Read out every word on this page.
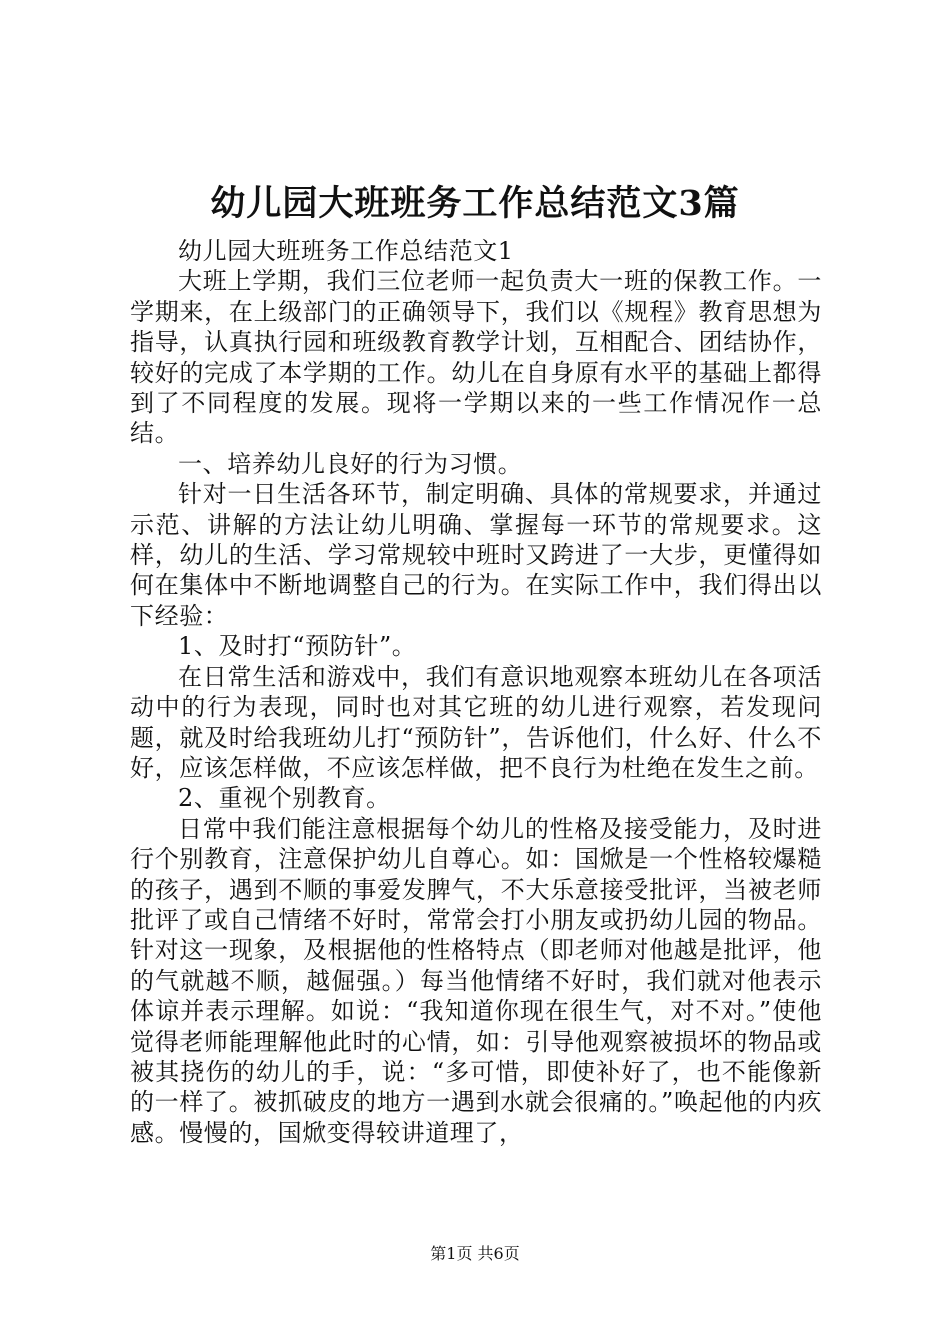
幼儿园大班班务工作总结范文3篇

幼儿园大班班务工作总结范文1

大班上学期，我们三位老师一起负责大一班的保教工作。一学期来，在上级部门的正确领导下，我们以《规程》教育思想为指导，认真执行园和班级教育教学计划，互相配合、团结协作，较好的完成了本学期的工作。幼儿在自身原有水平的基础上都得到了不同程度的发展。现将一学期以来的一些工作情况作一总结。

一、培养幼儿良好的行为习惯。

针对一日生活各环节，制定明确、具体的常规要求，并通过示范、讲解的方法让幼儿明确、掌握每一环节的常规要求。这样，幼儿的生活、学习常规较中班时又跨进了一大步，更懂得如何在集体中不断地调整自己的行为。在实际工作中，我们得出以下经验：

1、及时打“预防针”。

在日常生活和游戏中，我们有意识地观察本班幼儿在各项活动中的行为表现，同时也对其它班的幼儿进行观察，若发现问题，就及时给我班幼儿打“预防针”，告诉他们，什么好、什么不好，应该怎样做，不应该怎样做，把不良行为杜绝在发生之前。

2、重视个别教育。

日常中我们能注意根据每个幼儿的性格及接受能力，及时进行个别教育，注意保护幼儿自尊心。如：国焮是一个性格较爆糙的孩子，遇到不顺的事爱发脾气，不大乐意接受批评，当被老师批评了或自己情绪不好时，常常会打小朋友或扔幼儿园的物品。针对这一现象，及根据他的性格特点（即老师对他越是批评，他的气就越不顺，越倔强。）每当他情绪不好时，我们就对他表示体谅并表示理解。如说：“我知道你现在很生气，对不对。”使他觉得老师能理解他此时的心情，如：引导他观察被损坏的物品或被其挠伤的幼儿的手，说：“多可惜，即使补好了，也不能像新的一样了。被抓破皮的地方一遇到水就会很痛的。”唤起他的内疚感。慢慢的，国焮变得较讲道理了，

第1页 共6页
